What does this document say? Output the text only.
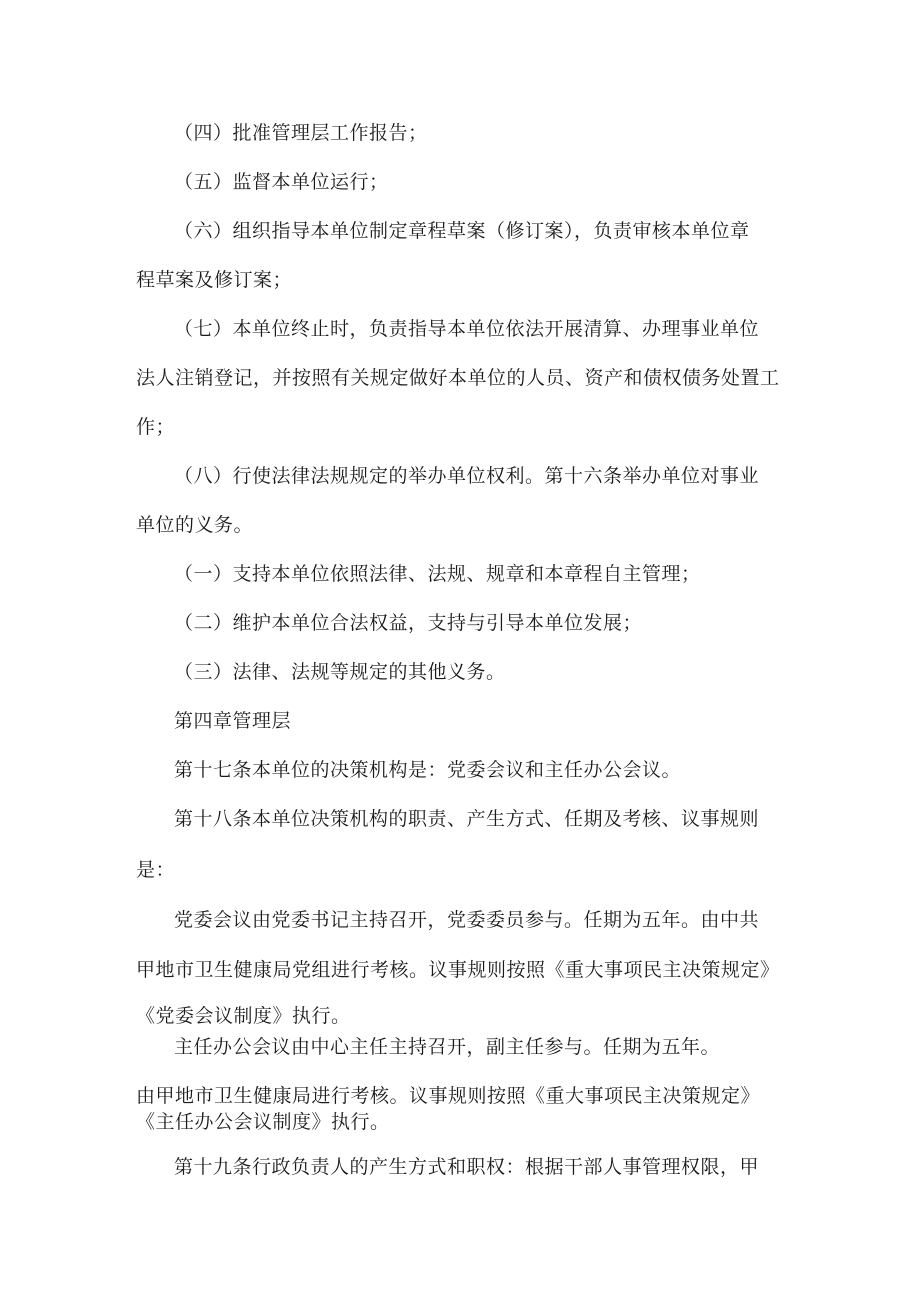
（四）批准管理层工作报告；
（五）监督本单位运行；
（六）组织指导本单位制定章程草案（修订案），负责审核本单位章
程草案及修订案；
（七）本单位终止时，负责指导本单位依法开展清算、办理事业单位
法人注销登记，并按照有关规定做好本单位的人员、资产和债权债务处置工
作；
（八）行使法律法规规定的举办单位权利。第十六条举办单位对事业
单位的义务。
（一）支持本单位依照法律、法规、规章和本章程自主管理；
（二）维护本单位合法权益，支持与引导本单位发展；
（三）法律、法规等规定的其他义务。
第四章管理层
第十七条本单位的决策机构是：党委会议和主任办公会议。
第十八条本单位决策机构的职责、产生方式、任期及考核、议事规则
是：
党委会议由党委书记主持召开，党委委员参与。任期为五年。由中共
甲地市卫生健康局党组进行考核。议事规则按照《重大事项民主决策规定》
《党委会议制度》执行。
主任办公会议由中心主任主持召开，副主任参与。任期为五年。
由甲地市卫生健康局进行考核。议事规则按照《重大事项民主决策规定》
《主任办公会议制度》执行。
第十九条行政负责人的产生方式和职权：根据干部人事管理权限，甲
